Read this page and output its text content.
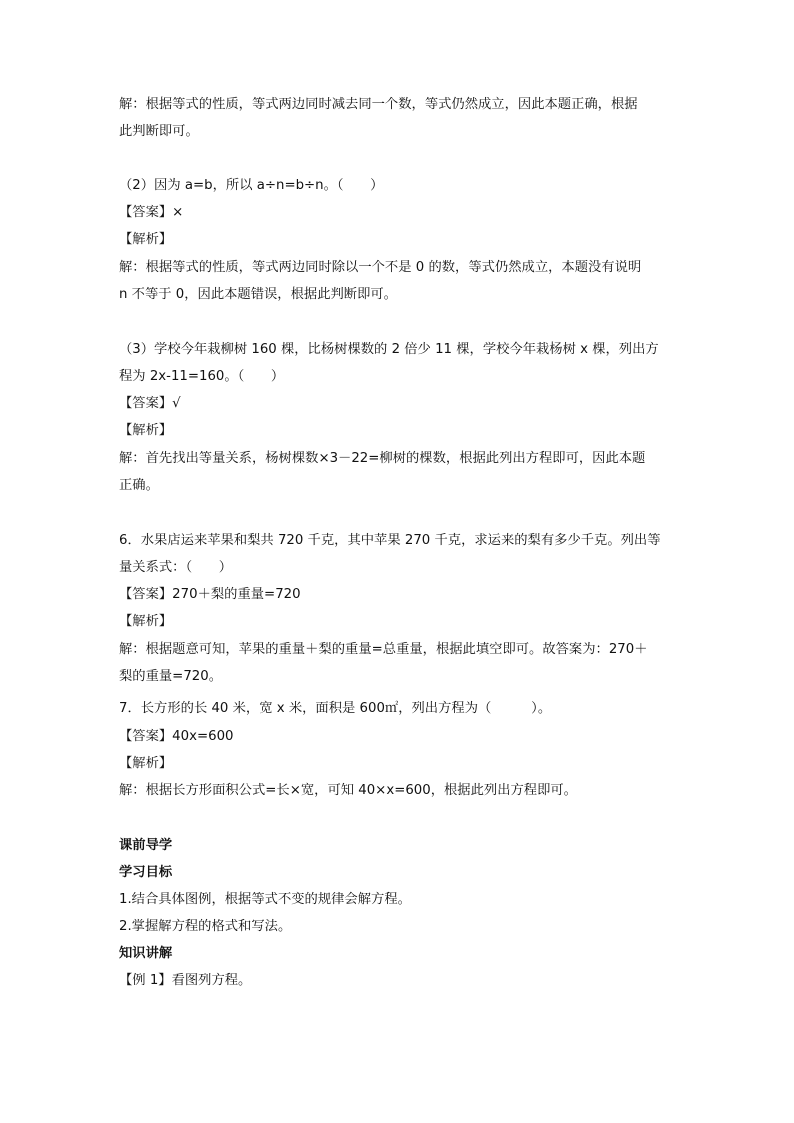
解：根据等式的性质，等式两边同时减去同一个数，等式仍然成立，因此本题正确，根据
此判断即可。
（2）因为 a=b，所以 a÷n=b÷n。（　　）
【答案】×
【解析】
解：根据等式的性质，等式两边同时除以一个不是 0 的数，等式仍然成立，本题没有说明
n 不等于 0，因此本题错误，根据此判断即可。
（3）学校今年栽柳树 160 棵，比杨树棵数的 2 倍少 11 棵，学校今年栽杨树 x 棵，列出方
程为 2x-11=160。（　　）
【答案】√
【解析】
解：首先找出等量关系，杨树棵数×3－22=柳树的棵数，根据此列出方程即可，因此本题
正确。
6．水果店运来苹果和梨共 720 千克，其中苹果 270 千克，求运来的梨有多少千克。列出等
量关系式：（　　）
【答案】270＋梨的重量=720
【解析】
解：根据题意可知，苹果的重量＋梨的重量=总重量，根据此填空即可。故答案为：270＋
梨的重量=720。
7．长方形的长 40 米，宽 x 米，面积是 600㎡，列出方程为（　　　）。
【答案】40x=600
【解析】
解：根据长方形面积公式=长×宽，可知 40×x=600，根据此列出方程即可。
课前导学
学习目标
1.结合具体图例，根据等式不变的规律会解方程。
2.掌握解方程的格式和写法。
知识讲解
【例 1】看图列方程。
